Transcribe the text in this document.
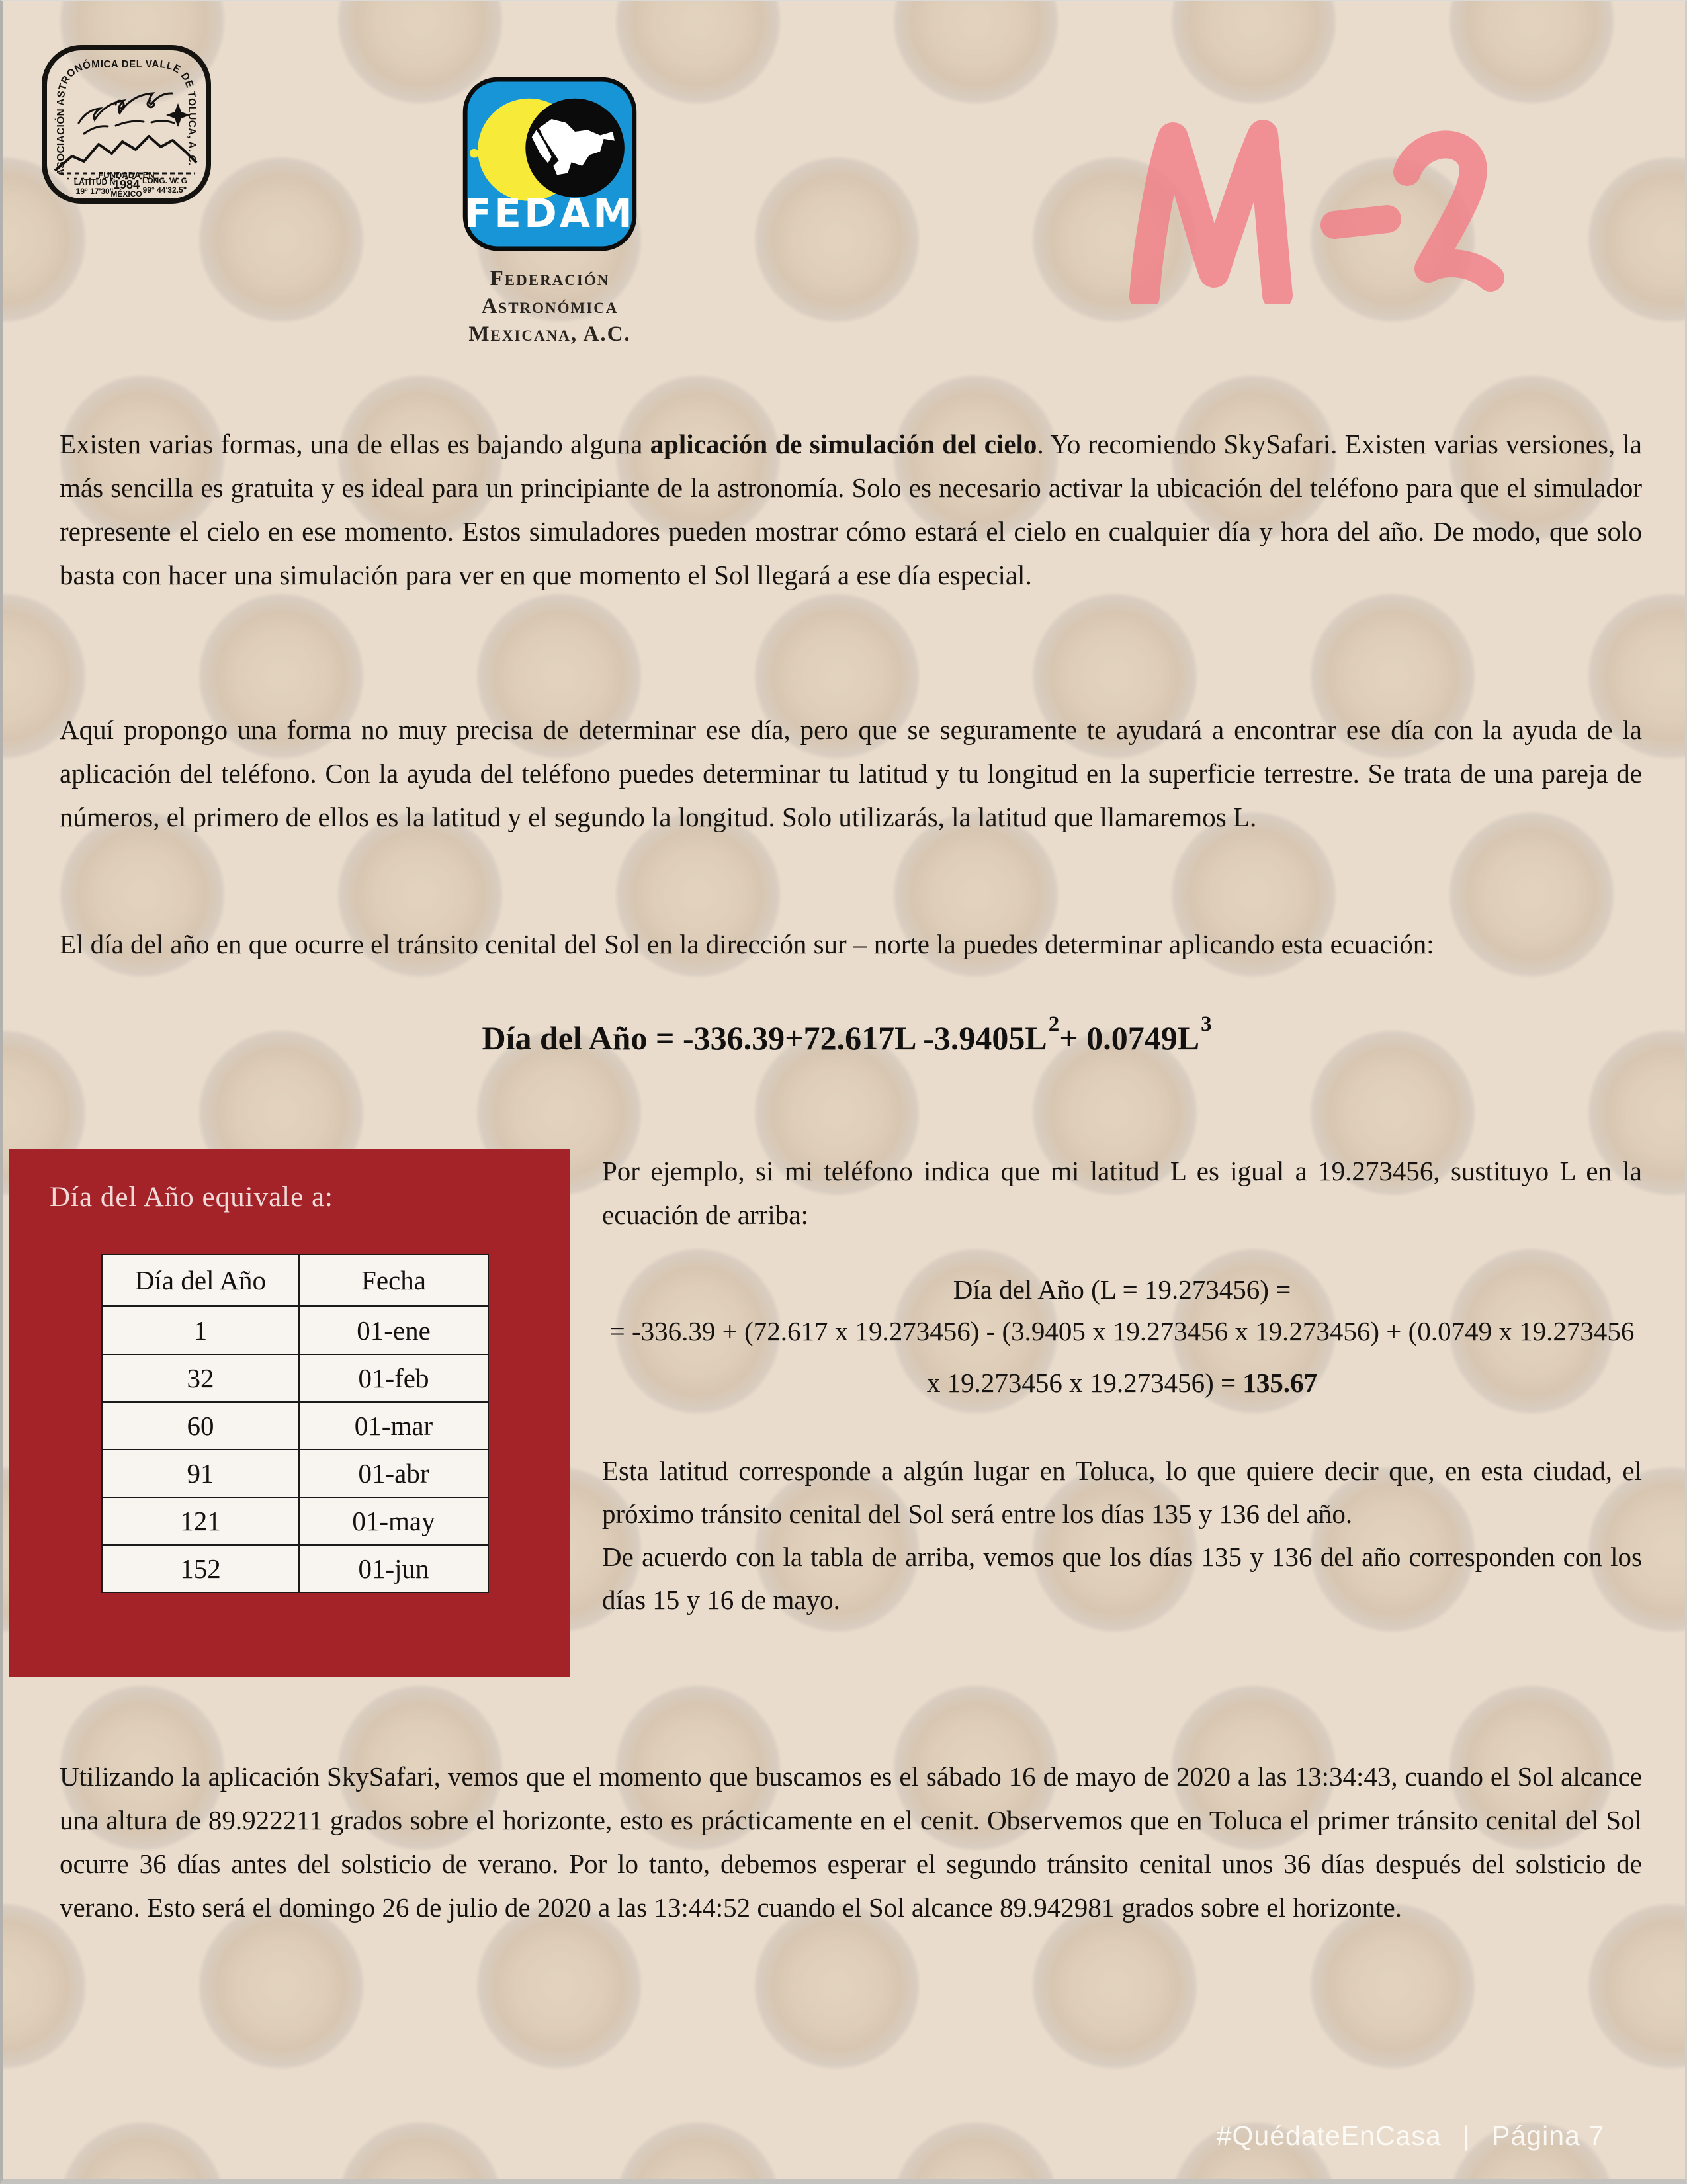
ASOCIACIÓN ASTRONÓMICA DEL VALLE DE TOLUCA, A. C.
FUNDADA EN
1984
MÉXICO
LATITUD N
19° 17'30"
LONG. W. G
99° 44'32.5"
FEDAM
Federación
Astronómica
Mexicana, A.C.

Existen varias formas, una de ellas es bajando alguna aplicación de simulación del cielo. Yo recomiendo SkySafari. Existen varias versiones, la más sencilla es gratuita y es ideal para un principiante de la astronomía. Solo es necesario activar la ubicación del teléfono para que el simulador represente el cielo en ese momento. Estos simuladores pueden mostrar cómo estará el cielo en cualquier día y hora del año. De modo, que solo basta con hacer una simulación para ver en que momento el Sol llegará a ese día especial.

Aquí propongo una forma no muy precisa de determinar ese día, pero que se seguramente te ayudará a encontrar ese día con la ayuda de la aplicación del teléfono. Con la ayuda del teléfono puedes determinar tu latitud y tu longitud en la superficie terrestre. Se trata de una pareja de números, el primero de ellos es la latitud y el segundo la longitud. Solo utilizarás, la latitud que llamaremos L.

El día del año en que ocurre el tránsito cenital del Sol en la dirección sur – norte la puedes determinar aplicando esta ecuación:

Día del Año = -336.39+72.617L $-3.9405L^2+ 0.0749L^3$
Día del Año equivale a:
Día del Año	Fecha
1	01-ene
32	01-feb
60	01-mar
91	01-abr
121	01-may
152	01-jun

Por ejemplo, si mi teléfono indica que mi latitud L es igual a 19.273456, sustituyo L en la ecuación de arriba:

Día del Año (L = 19.273456) =

= -336.39 + (72.617 x 19.273456) - (3.9405 x 19.273456 x 19.273456) + (0.0749 x 19.273456 x 19.273456 x 19.273456) = 135.67

Esta latitud corresponde a algún lugar en Toluca, lo que quiere decir que, en esta ciudad, el próximo tránsito cenital del Sol será entre los días 135 y 136 del año.

De acuerdo con la tabla de arriba, vemos que los días 135 y 136 del año corresponden con los días 15 y 16 de mayo.

Utilizando la aplicación SkySafari, vemos que el momento que buscamos es el sábado 16 de mayo de 2020 a las 13:34:43, cuando el Sol alcance una altura de 89.922211 grados sobre el horizonte, esto es prácticamente en el cenit. Observemos que en Toluca el primer tránsito cenital del Sol ocurre 36 días antes del solsticio de verano. Por lo tanto, debemos esperar el segundo tránsito cenital unos 36 días después del solsticio de verano. Esto será el domingo 26 de julio de 2020 a las 13:44:52 cuando el Sol alcance 89.942981 grados sobre el horizonte.

#QuédateEnCasa | Página 7
